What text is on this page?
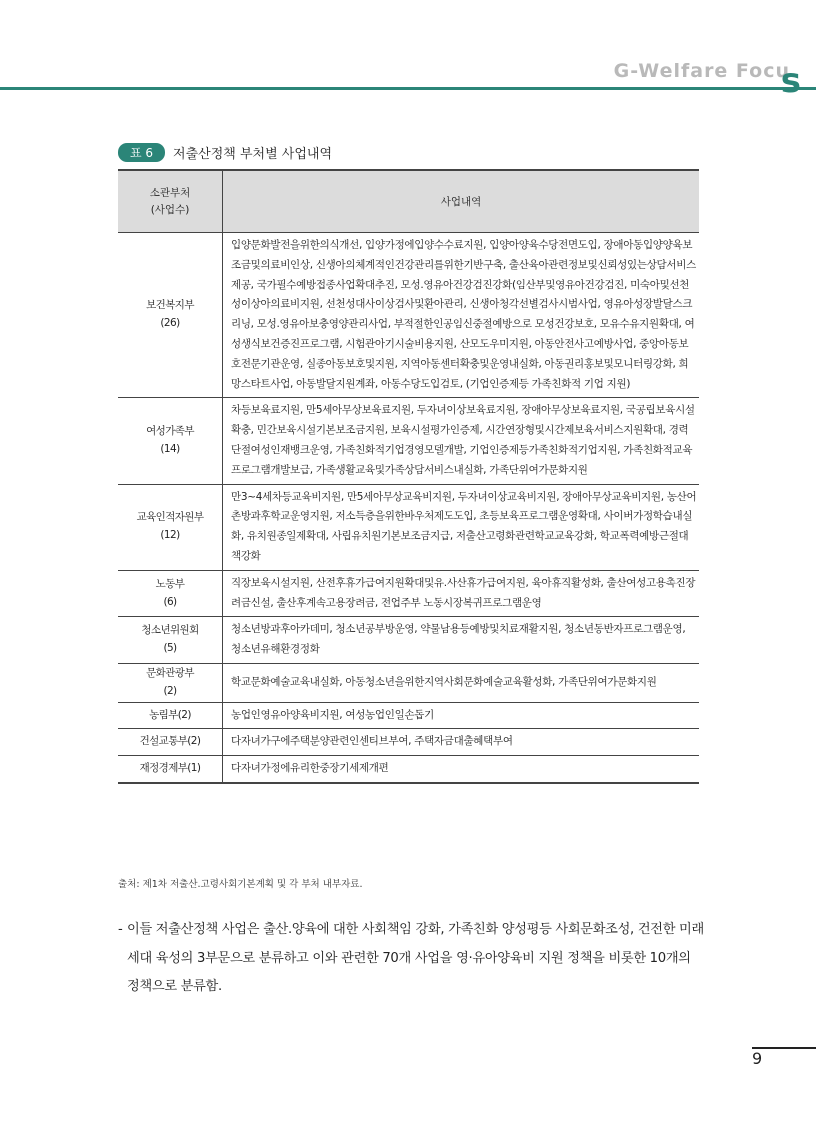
G-Welfare Focu
s
표 6	저출산정책 부처별 사업내역
소관부처
(사업수)	사업내역

보건복지부
(26)	입양문화발전을위한의식개선, 입양가정에입양수수료지원, 입양아양육수당전면도입, 장애아동입양양육보조금및의료비인상, 신생아의체계적인건강관리를위한기반구축, 출산육아관련정보및신뢰성있는상담서비스제공, 국가필수예방접종사업확대추진, 모성.영유아건강검진강화(임산부및영유아건강검진, 미숙아및선천성이상아의료비지원, 선천성대사이상검사및환아관리, 신생아청각선별검사시범사업, 영유아성장발달스크리닝, 모성.영유아보충영양관리사업, 부적절한인공임신중절예방으로 모성건강보호, 모유수유지원확대, 여성생식보건증진프로그램, 시험관아기시술비용지원, 산모도우미지원, 아동안전사고예방사업, 중앙아동보호전문기관운영, 실종아동보호및지원, 지역아동센터확충및운영내실화, 아동권리홍보및모니터링강화, 희망스타트사업, 아동발달지원계좌, 아동수당도입검토, (기업인증제등 가족친화적 기업 지원)

여성가족부
(14)	차등보육료지원, 만5세아무상보육료지원, 두자녀이상보육료지원, 장애아무상보육료지원, 국공립보육시설확충, 민간보육시설기본보조금지원, 보육시설평가인증제, 시간연장형및시간제보육서비스지원확대, 경력단절여성인재뱅크운영, 가족친화적기업경영모델개발, 기업인증제등가족친화적기업지원, 가족친화적교육프로그램개발보급, 가족생활교육및가족상담서비스내실화, 가족단위여가문화지원

교육인적자원부
(12)	만3~4세차등교육비지원, 만5세아무상교육비지원, 두자녀이상교육비지원, 장애아무상교육비지원, 농산어촌방과후학교운영지원, 저소득층을위한바우처제도도입, 초등보육프로그램운영확대, 사이버가정학습내실화, 유치원종일제확대, 사립유치원기본보조금지급, 저출산고령화관련학교교육강화, 학교폭력예방근절대책강화

노동부
(6)	직장보육시설지원, 산전후휴가급여지원확대및유.사산휴가급여지원, 육아휴직활성화, 출산여성고용촉진장려금신설, 출산후계속고용장려금, 전업주부 노동시장복귀프로그램운영

청소년위원회
(5)	청소년방과후아카데미, 청소년공부방운영, 약물남용등예방및치료재활지원, 청소년동반자프로그램운영, 청소년유해환경정화

문화관광부
(2)	학교문화예술교육내실화, 아동청소년을위한지역사회문화예술교육활성화, 가족단위여가문화지원

농림부(2)	농업인영유아양육비지원, 여성농업인일손돕기

건설교통부(2)	다자녀가구에주택분양관련인센티브부여, 주택자금대출혜택부여

재정경제부(1)	다자녀가정에유리한중장기세제개편
출처: 제1차 저출산.고령사회기본계획 및 각 부처 내부자료.
- 이들 저출산정책 사업은 출산.양육에 대한 사회책임 강화, 가족친화 양성평등 사회문화조성, 건전한 미래세대 육성의 3부문으로 분류하고 이와 관련한 70개 사업을 영·유아양육비 지원 정책을 비롯한 10개의 정책으로 분류함.
9
